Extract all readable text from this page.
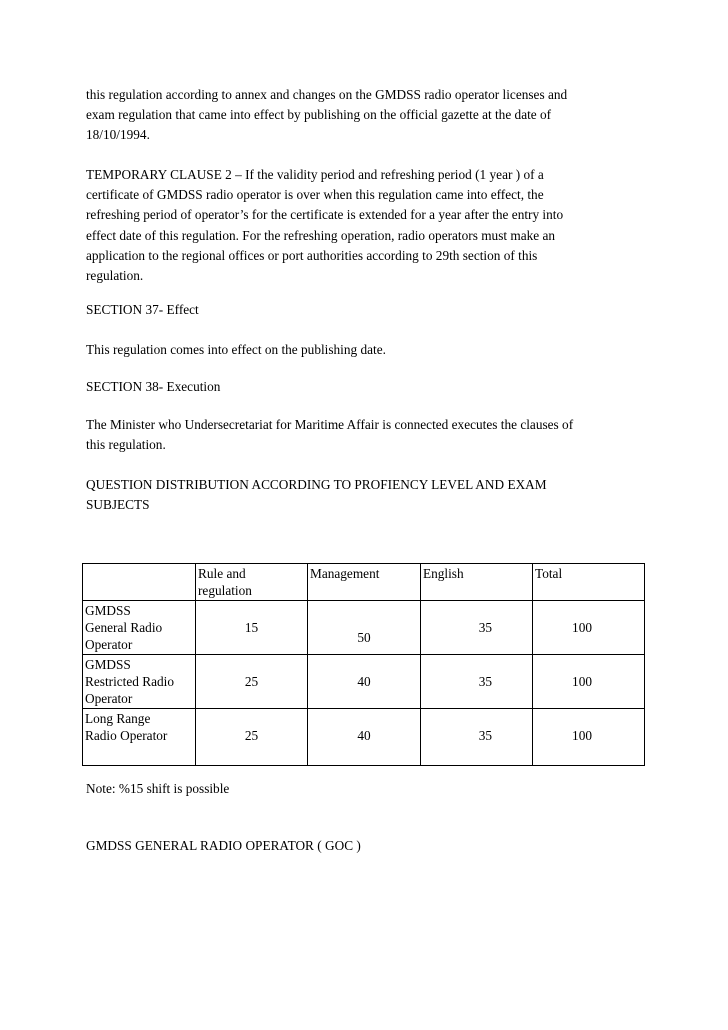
this regulation according to annex and changes on the GMDSS radio operator licenses and
exam regulation that came into effect by publishing on the official gazette at the date of
18/10/1994.

TEMPORARY CLAUSE 2 – If the validity period and refreshing period (1 year ) of a
certificate of GMDSS radio operator is over when this regulation came into effect, the
refreshing period of operator’s for the certificate is extended for a year after the entry into
effect date of this regulation. For the refreshing operation, radio operators must make an
application to the regional offices or port authorities according to 29th section of this
regulation.

SECTION 37- Effect

This regulation comes into effect on the publishing date.

SECTION 38- Execution

The Minister who Undersecretariat for Maritime Affair is connected executes the clauses of
this regulation.

QUESTION DISTRIBUTION ACCORDING TO PROFIENCY LEVEL AND EXAM
SUBJECTS

	Rule and
regulation	Management	English	Total

GMDSS
General Radio
Operator	15	50	35	100

GMDSS
Restricted Radio
Operator	25	40	35	100

Long Range
Radio Operator	25	40	35	100

Note: %15 shift is possible

GMDSS GENERAL RADIO OPERATOR ( GOC )
